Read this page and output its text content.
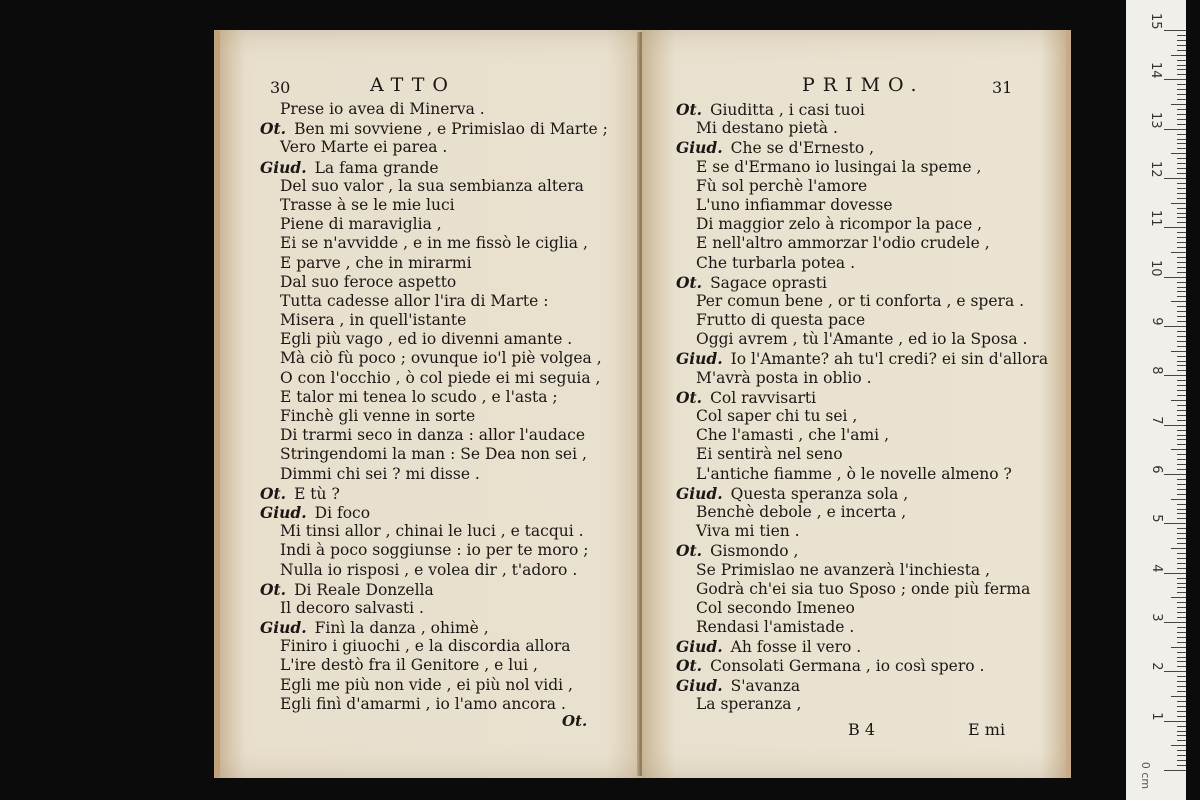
30	ATTO
Prese io avea di Minerva .
Ot. Ben mi sovviene , e Primislao di Marte ;
Vero Marte ei parea .
Giud. La fama grande
Del suo valor , la sua sembianza altera
Trasse à se le mie luci
Piene di maraviglia ,
Ei se n'avvidde , e in me fissò le ciglia ,
E parve , che in mirarmi
Dal suo feroce aspetto
Tutta cadesse allor l'ira di Marte :
Misera , in quell'istante
Egli più vago , ed io divenni amante .
Mà ciò fù poco ; ovunque io'l piè volgea ,
O con l'occhio , ò col piede ei mi seguia ,
E talor mi tenea lo scudo , e l'asta ;
Finchè gli venne in sorte
Di trarmi seco in danza : allor l'audace
Stringendomi la man : Se Dea non sei ,
Dimmi chi sei ? mi disse .
Ot. E tù ?
Giud. Di foco
Mi tinsi allor , chinai le luci , e tacqui .
Indi à poco soggiunse : io per te moro ;
Nulla io risposi , e volea dir , t'adoro .
Ot. Di Reale Donzella
Il decoro salvasti .
Giud. Finì la danza , ohimè ,
Finiro i giuochi , e la discordia allora
L'ire destò fra il Genitore , e lui ,
Egli me più non vide , ei più nol vidi ,
Egli finì d'amarmi , io l'amo ancora .
Ot.
PRIMO.	31
Ot. Giuditta , i casi tuoi
Mi destano pietà .
Giud. Che se d'Ernesto ,
E se d'Ermano io lusingai la speme ,
Fù sol perchè l'amore
L'uno infiammar dovesse
Di maggior zelo à ricompor la pace ,
E nell'altro ammorzar l'odio crudele ,
Che turbarla potea .
Ot. Sagace oprasti
Per comun bene , or ti conforta , e spera .
Frutto di questa pace
Oggi avrem , tù l'Amante , ed io la Sposa .
Giud. Io l'Amante? ah tu'l credi? ei sin d'allora
M'avrà posta in oblio .
Ot. Col ravvisarti
Col saper chi tu sei ,
Che l'amasti , che l'ami ,
Ei sentirà nel seno
L'antiche fiamme , ò le novelle almeno ?
Giud. Questa speranza sola ,
Benchè debole , e incerta ,
Viva mi tien .
Ot. Gismondo ,
Se Primislao ne avanzerà l'inchiesta ,
Godrà ch'ei sia tuo Sposo ; onde più ferma
Col secondo Imeneo
Rendasi l'amistade .
Giud. Ah fosse il vero .
Ot. Consolati Germana , io così spero .
Giud. S'avanza
La speranza ,
B 4	E mi
0 cm
15
14
13
12
11
10
9
8
7
6
5
4
3
2
1
